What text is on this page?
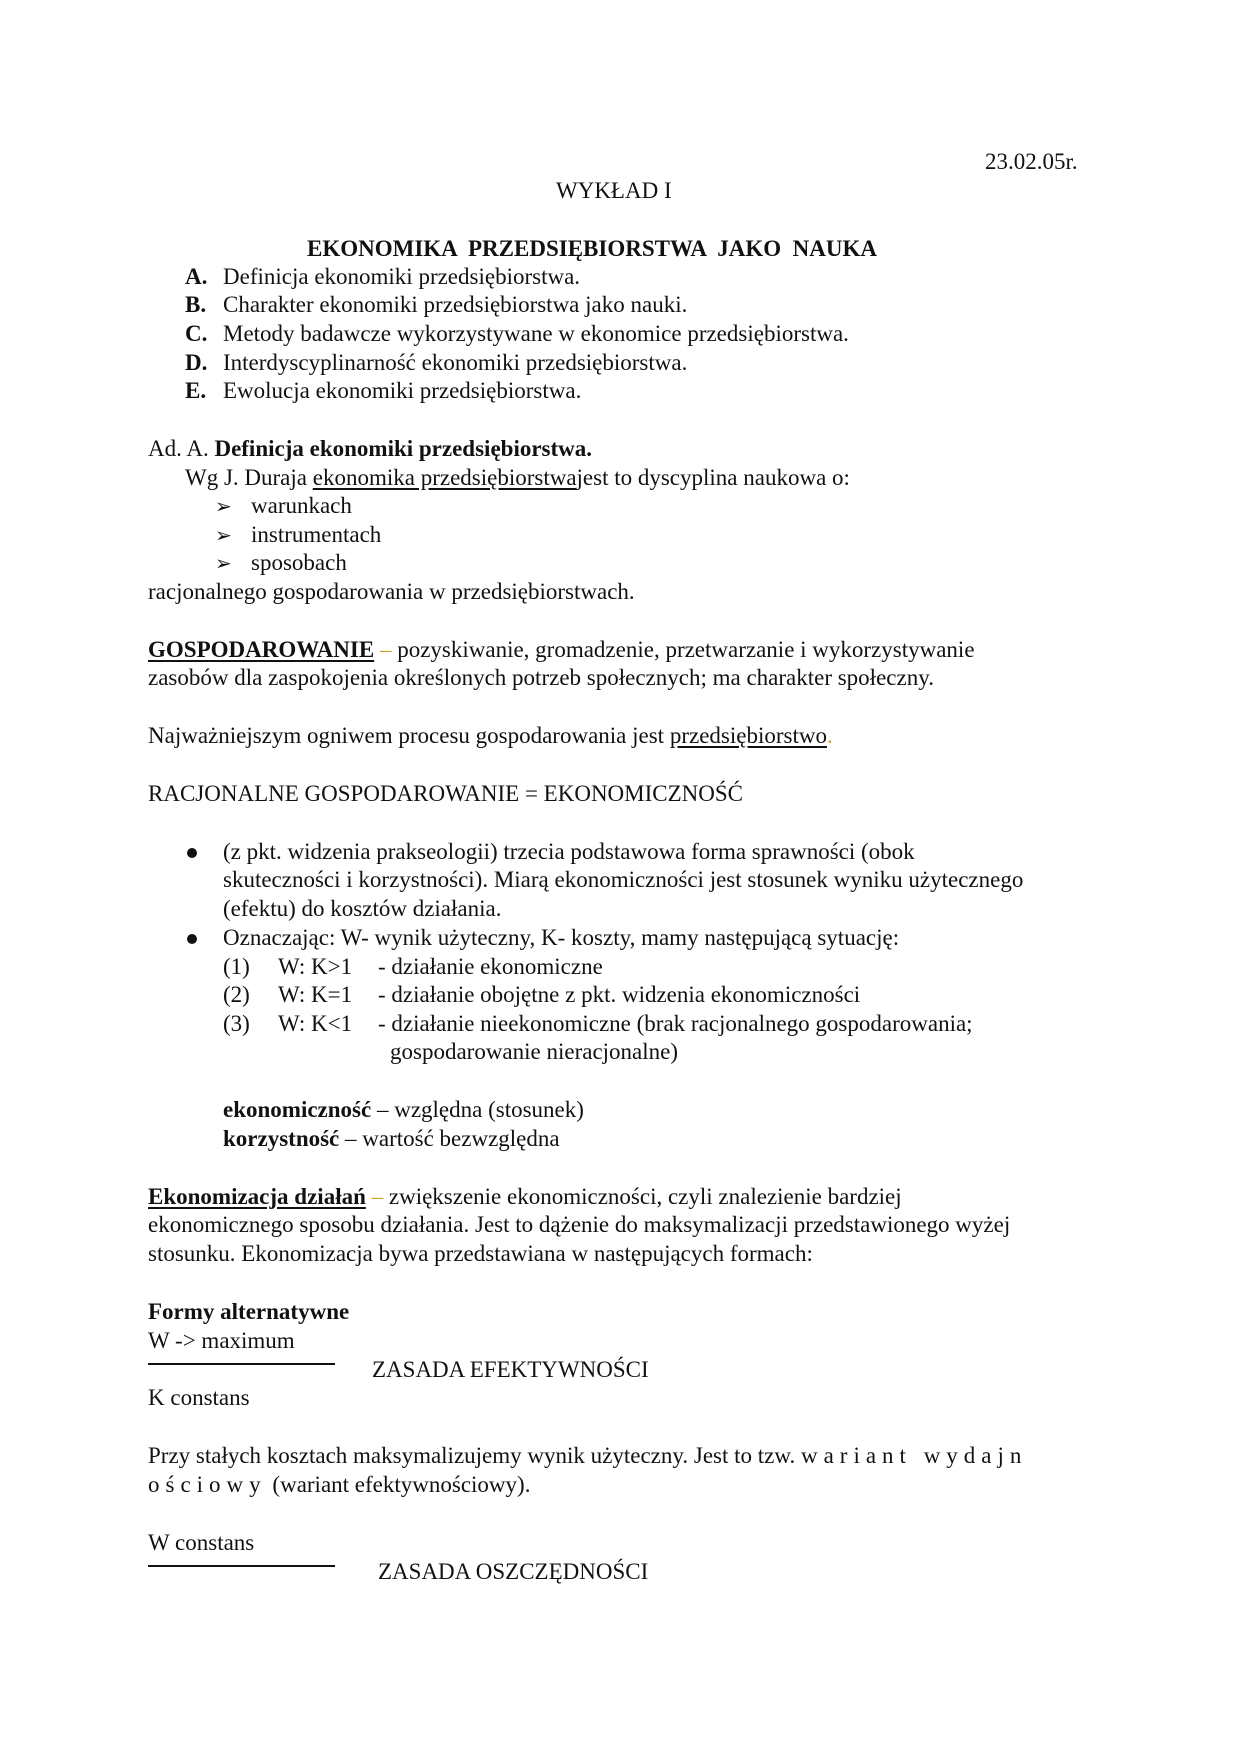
23.02.05r.
WYKŁAD I
EKONOMIKA  PRZEDSIĘBIORSTWA  JAKO  NAUKA
A. Definicja ekonomiki przedsiębiorstwa.
B. Charakter ekonomiki przedsiębiorstwa jako nauki.
C. Metody badawcze wykorzystywane w ekonomice przedsiębiorstwa.
D. Interdyscyplinarność ekonomiki przedsiębiorstwa.
E. Ewolucja ekonomiki przedsiębiorstwa.
Ad. A. Definicja ekonomiki przedsiębiorstwa.
Wg J. Duraja ekonomika przedsiębiorstwajest to dyscyplina naukowa o:
➢ warunkach
➢ instrumentach
➢ sposobach
racjonalnego gospodarowania w przedsiębiorstwach.
GOSPODAROWANIE – pozyskiwanie, gromadzenie, przetwarzanie i wykorzystywanie
zasobów dla zaspokojenia określonych potrzeb społecznych; ma charakter społeczny.
Najważniejszym ogniwem procesu gospodarowania jest przedsiębiorstwo.
RACJONALNE GOSPODAROWANIE = EKONOMICZNOŚĆ
(z pkt. widzenia prakseologii) trzecia podstawowa forma sprawności (obok
skuteczności i korzystności). Miarą ekonomiczności jest stosunek wyniku użytecznego
(efektu) do kosztów działania.
Oznaczając: W- wynik użyteczny, K- koszty, mamy następującą sytuację:
(1) W: K>1 - działanie ekonomiczne
(2) W: K=1 - działanie obojętne z pkt. widzenia ekonomiczności
(3) W: K<1 - działanie nieekonomiczne (brak racjonalnego gospodarowania;
gospodarowanie nieracjonalne)
ekonomiczność – względna (stosunek)
korzystność – wartość bezwzględna
Ekonomizacja działań – zwiększenie ekonomiczności, czyli znalezienie bardziej
ekonomicznego sposobu działania. Jest to dążenie do maksymalizacji przedstawionego wyżej
stosunku. Ekonomizacja bywa przedstawiana w następujących formach:
Formy alternatywne
W -> maximum
ZASADA EFEKTYWNOŚCI
K constans
Przy stałych kosztach maksymalizujemy wynik użyteczny. Jest to tzw. wariant wydajn
ościowy (wariant efektywnościowy).
W constans
ZASADA OSZCZĘDNOŚCI
